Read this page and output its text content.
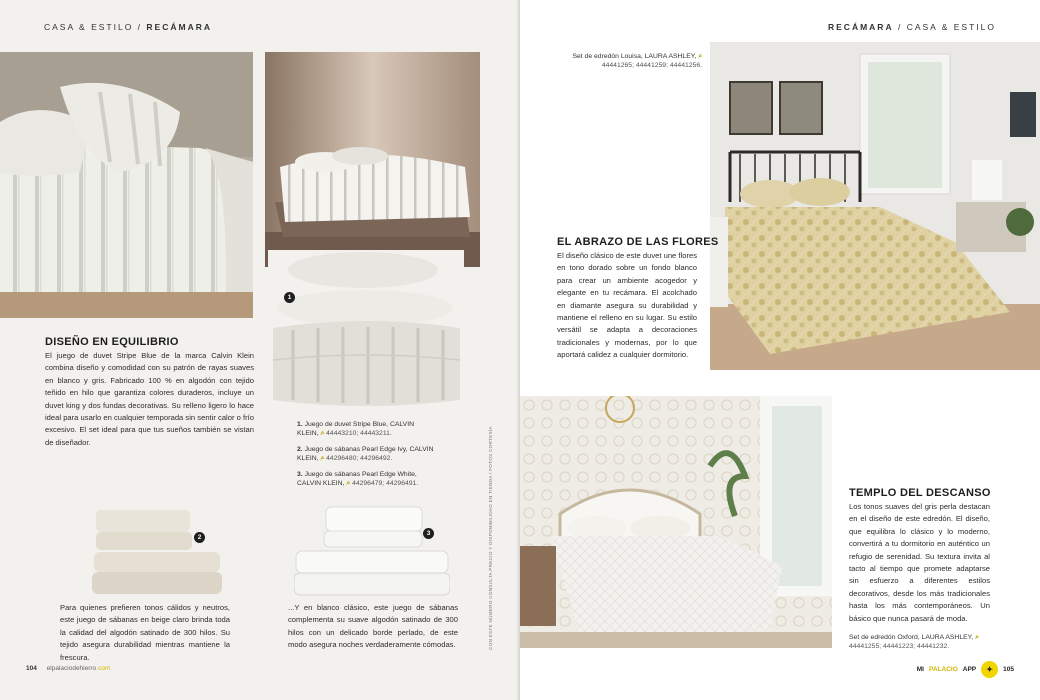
CASA & ESTILO / RECÁMARA
1
DISEÑO EN EQUILIBRIO

El juego de duvet Stripe Blue de la marca Calvin Klein combina diseño y comodidad con su patrón de rayas suaves en blanco y gris. Fabricado 100 % en algodón con tejido teñido en hilo que garantiza colores duraderos, incluye un duvet king y dos fundas decorativas. Su relleno ligero lo hace ideal para usarlo en cualquier temporada sin sentir calor o frío excesivo. El set ideal para que tus sueños también se vistan de diseñador.

1. Juego de duvet Stripe Blue, CALVIN KLEIN, ⌕ 44443210; 44443211.
2. Juego de sábanas Pearl Edge Ivy, CALVIN KLEIN, ⌕ 44296480; 44296492.
3. Juego de sábanas Pearl Edge White, CALVIN KLEIN, ⌕ 44296479; 44296491.	CON ESTE NÚMERO CONSULTA PRECIO Y DISPONIBILIDAD EN TIENDA / FOTOS CORTESÍA
2
3

Para quienes prefieren tonos cálidos y neutros, este juego de sábanas en beige claro brinda toda la calidad del algodón satinado de 300 hilos. Su tejido asegura durabilidad mientras mantiene la frescura.

...Y en blanco clásico, este juego de sábanas complementa su suave algodón satinado de 300 hilos con un delicado borde perlado, de este modo asegura noches verdaderamente cómodas.

104 elpalaciodehierro.com
RECÁMARA / CASA & ESTILO
Set de edredón Louisa, LAURA ASHLEY, ⌕ 44441265; 44441259; 44441256.
EL ABRAZO DE LAS FLORES

El diseño clásico de este duvet une flores en tono dorado sobre un fondo blanco para crear un ambiente acogedor y elegante en tu recámara. El acolchado en diamante asegura su durabilidad y mantiene el relleno en su lugar. Su estilo versátil se adapta a decoraciones tradicionales y modernas, por lo que aportará calidez a cualquier dormitorio.

TEMPLO DEL DESCANSO

Los tonos suaves del gris perla destacan en el diseño de este edredón. El diseño, que equilibra lo clásico y lo moderno, convertirá a tu dormitorio en auténtico un refugio de serenidad. Su textura invita al tacto al tiempo que promete adaptarse sin esfuerzo a diferentes estilos decorativos, desde los más tradicionales hasta los más contemporáneos. Un básico que nunca pasará de moda.

Set de edredón Oxford, LAURA ASHLEY, ⌕ 44441255; 44441223; 44441232.
MI PALACIO APP	✦	105
